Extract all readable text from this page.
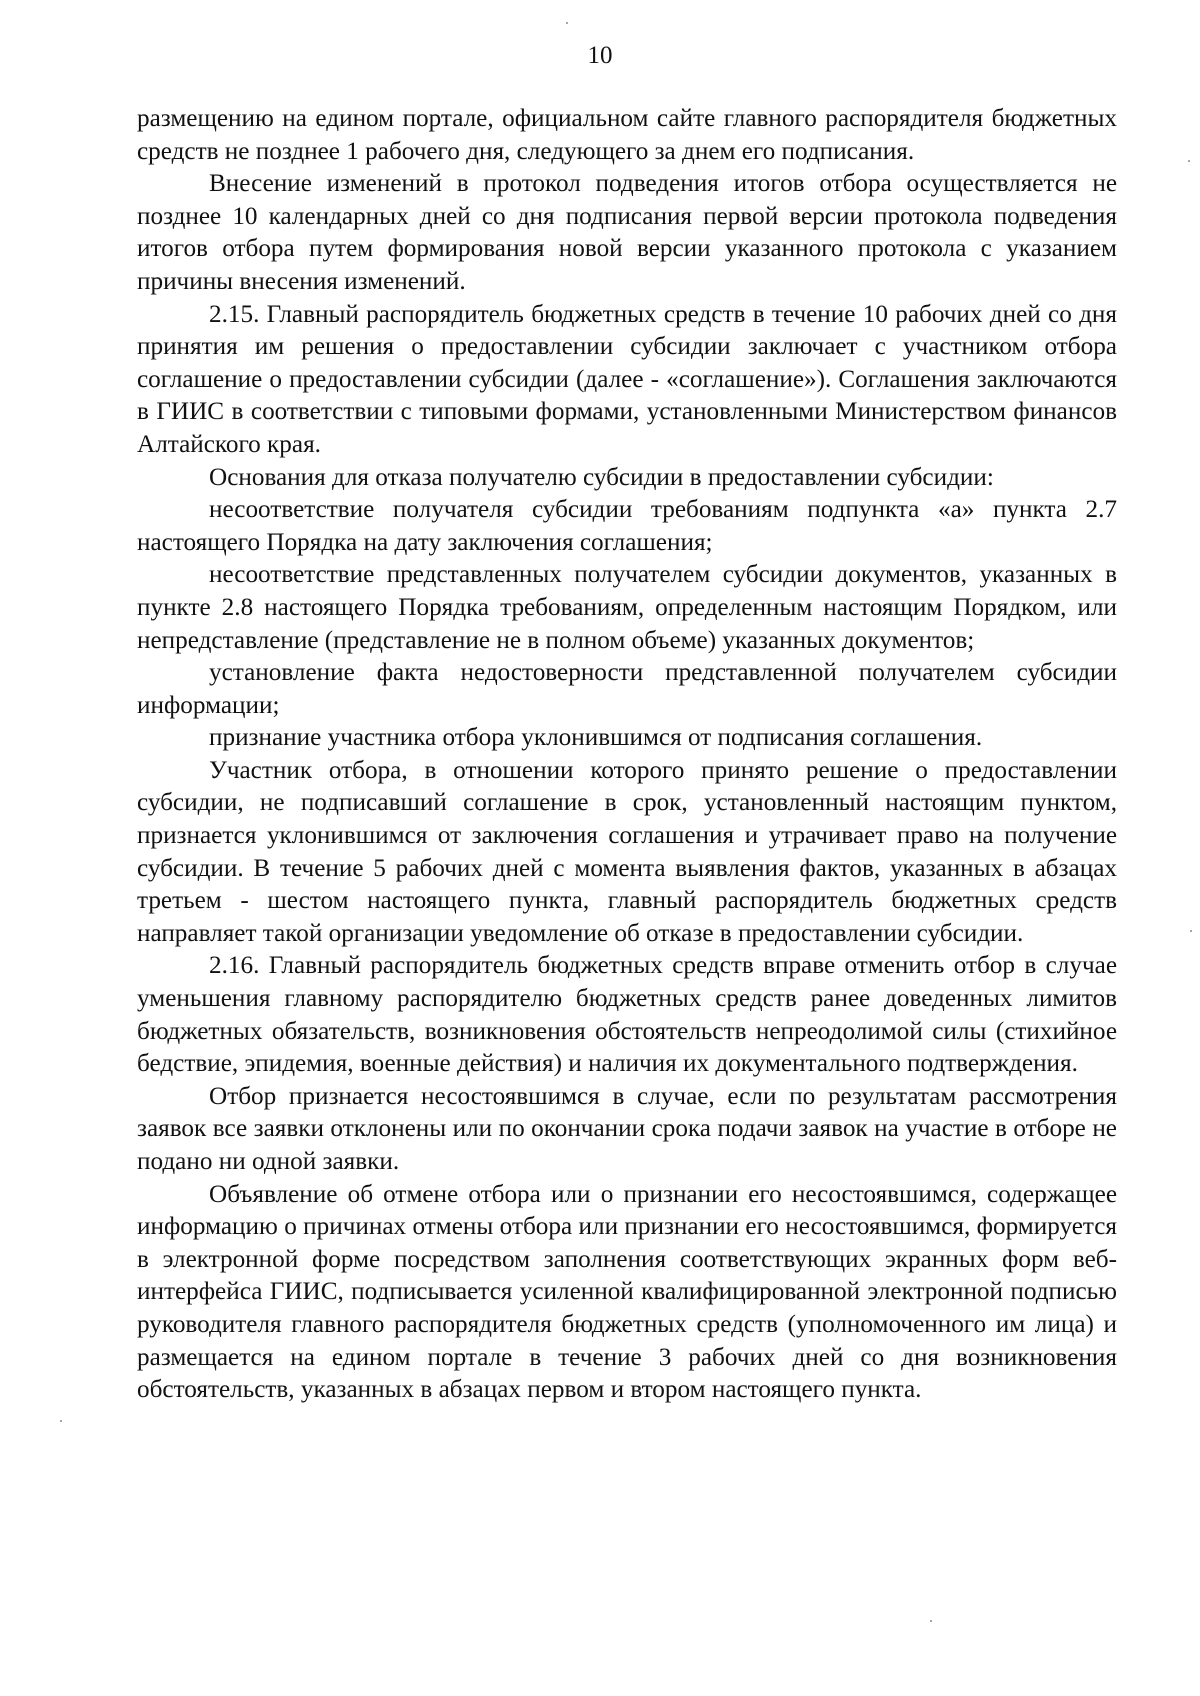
10

размещению на едином портале, официальном сайте главного распорядителя бюджетных средств не позднее 1 рабочего дня, следующего за днем его подписания.

Внесение изменений в протокол подведения итогов отбора осуществляется не позднее 10 календарных дней со дня подписания первой версии протокола подведения итогов отбора путем формирования новой версии указанного протокола с указанием причины внесения изменений.

2.15. Главный распорядитель бюджетных средств в течение 10 рабочих дней со дня принятия им решения о предоставлении субсидии заключает с участником отбора соглашение о предоставлении субсидии (далее - «соглашение»). Соглашения заключаются в ГИИС в соответствии с типовыми формами, установленными Министерством финансов Алтайского края.

Основания для отказа получателю субсидии в предоставлении субсидии:

несоответствие получателя субсидии требованиям подпункта «а» пункта 2.7 настоящего Порядка на дату заключения соглашения;

несоответствие представленных получателем субсидии документов, указанных в пункте 2.8 настоящего Порядка требованиям, определенным настоящим Порядком, или непредставление (представление не в полном объеме) указанных документов;

установление факта недостоверности представленной получателем субсидии информации;

признание участника отбора уклонившимся от подписания соглашения.

Участник отбора, в отношении которого принято решение о предоставлении субсидии, не подписавший соглашение в срок, установленный настоящим пунктом, признается уклонившимся от заключения соглашения и утрачивает право на получение субсидии. В течение 5 рабочих дней с момента выявления фактов, указанных в абзацах третьем - шестом настоящего пункта, главный распорядитель бюджетных средств направляет такой организации уведомление об отказе в предоставлении субсидии.

2.16. Главный распорядитель бюджетных средств вправе отменить отбор в случае уменьшения главному распорядителю бюджетных средств ранее доведенных лимитов бюджетных обязательств, возникновения обстоятельств непреодолимой силы (стихийное бедствие, эпидемия, военные действия) и наличия их документального подтверждения.

Отбор признается несостоявшимся в случае, если по результатам рассмотрения заявок все заявки отклонены или по окончании срока подачи заявок на участие в отборе не подано ни одной заявки.

Объявление об отмене отбора или о признании его несостоявшимся, содержащее информацию о причинах отмены отбора или признании его несостоявшимся, формируется в электронной форме посредством заполнения соответствующих экранных форм веб-интерфейса ГИИС, подписывается усиленной квалифицированной электронной подписью руководителя главного распорядителя бюджетных средств (уполномоченного им лица) и размещается на едином портале в течение 3 рабочих дней со дня возникновения обстоятельств, указанных в абзацах первом и втором настоящего пункта.
